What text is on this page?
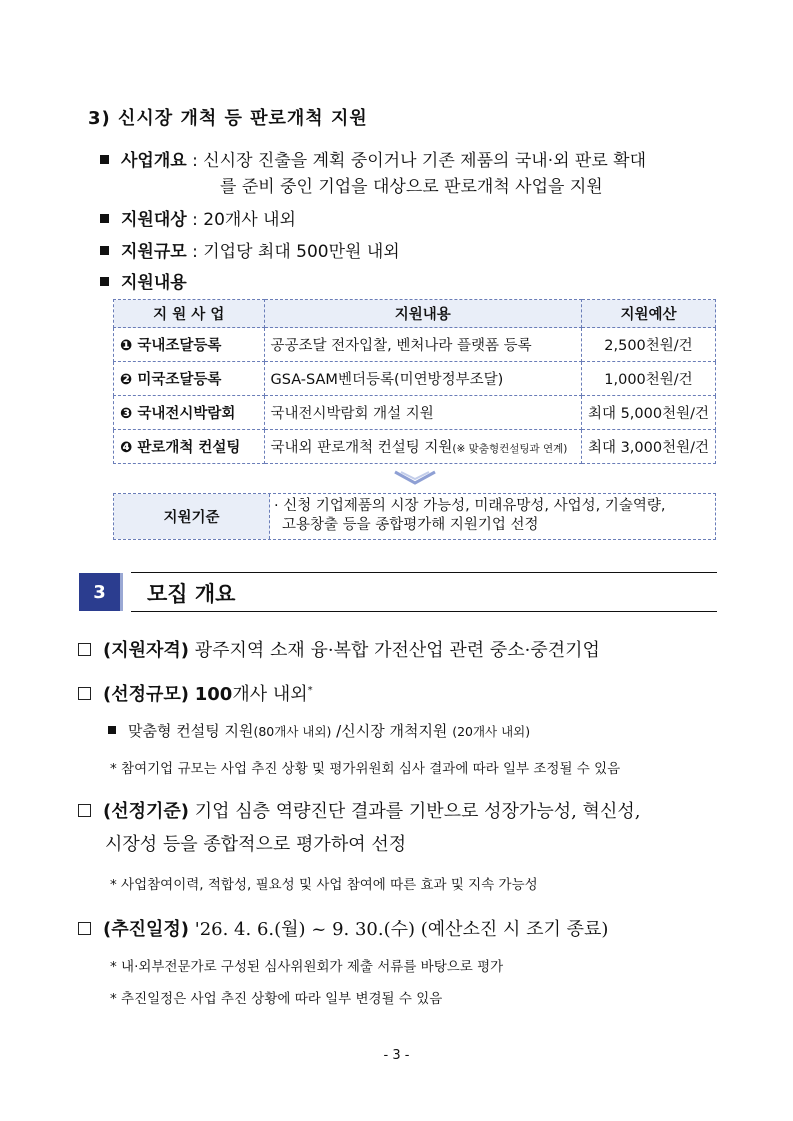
3) 신시장 개척 등 판로개척 지원
사업개요 : 신시장 진출을 계획 중이거나 기존 제품의 국내·외 판로 확대
를 준비 중인 기업을 대상으로 판로개척 사업을 지원
지원대상 : 20개사 내외
지원규모 : 기업당 최대 500만원 내외
지원내용
지 원 사 업	지원내용	지원예산
❶ 국내조달등록	공공조달 전자입찰, 벤처나라 플랫폼 등록	2,500천원/건
❷ 미국조달등록	GSA-SAM벤더등록(미연방정부조달)	1,000천원/건
❸ 국내전시박람회	국내전시박람회 개설 지원	최대 5,000천원/건
❹ 판로개척 컨설팅	국내외 판로개척 컨설팅 지원(※ 맞춤형컨설팅과 연계)	최대 3,000천원/건
지원기준
· 신청 기업제품의 시장 가능성, 미래유망성, 사업성, 기술역량,
고용창출 등을 종합평가해 지원기업 선정
3	모집 개요
(지원자격) 광주지역 소재 융·복합 가전산업 관련 중소·중견기업
(선정규모) 100개사 내외*
맞춤형 컨설팅 지원(80개사 내외) /신시장 개척지원 (20개사 내외)
* 참여기업 규모는 사업 추진 상황 및 평가위원회 심사 결과에 따라 일부 조정될 수 있음
(선정기준) 기업 심층 역량진단 결과를 기반으로 성장가능성, 혁신성,
시장성 등을 종합적으로 평가하여 선정
* 사업참여이력, 적합성, 필요성 및 사업 참여에 따른 효과 및 지속 가능성
(추진일정) '26. 4. 6.(월) ~ 9. 30.(수) (예산소진 시 조기 종료)
* 내·외부전문가로 구성된 심사위원회가 제출 서류를 바탕으로 평가
* 추진일정은 사업 추진 상황에 따라 일부 변경될 수 있음
- 3 -
